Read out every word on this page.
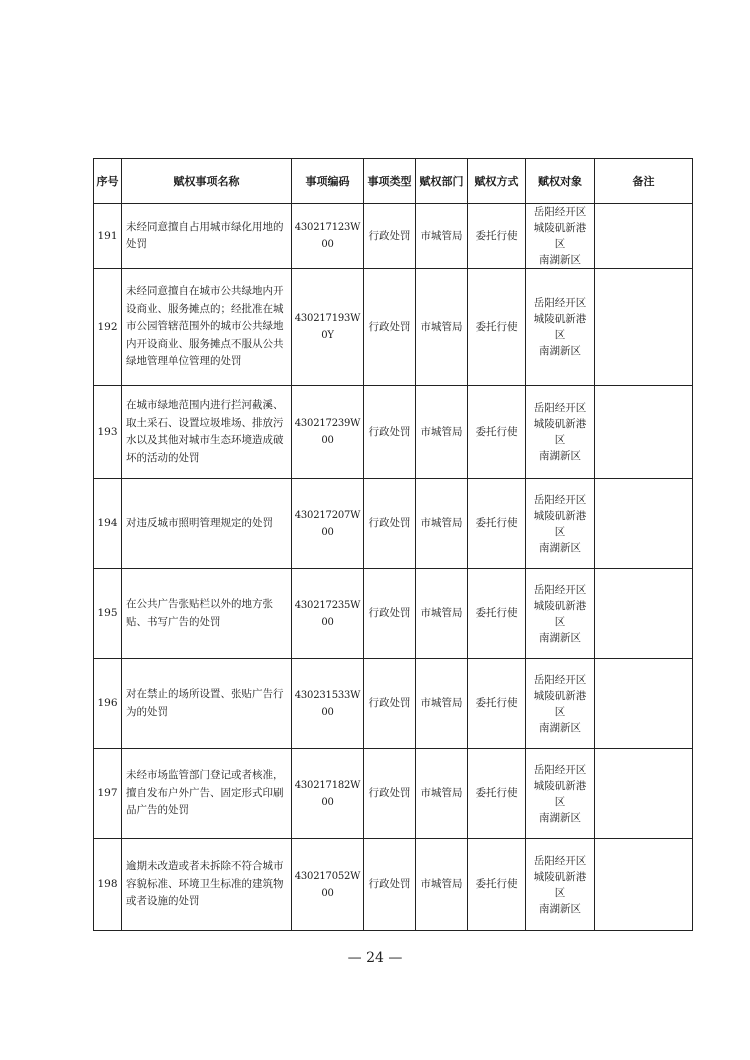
序号	赋权事项名称	事项编码	事项类型	赋权部门	赋权方式	赋权对象	备注
191	未经同意擅自占用城市绿化用地的处罚	430217123W00	行政处罚	市城管局	委托行使	岳阳经开区
城陵矶新港区
南湖新区	

192	未经同意擅自在城市公共绿地内开设商业、服务摊点的；经批准在城市公园管辖范围外的城市公共绿地内开设商业、服务摊点不服从公共绿地管理单位管理的处罚	430217193W0Y	行政处罚	市城管局	委托行使	岳阳经开区
城陵矶新港区
南湖新区	

193	在城市绿地范围内进行拦河截溪、取土采石、设置垃圾堆场、排放污水以及其他对城市生态环境造成破坏的活动的处罚	430217239W00	行政处罚	市城管局	委托行使	岳阳经开区
城陵矶新港区
南湖新区	

194	对违反城市照明管理规定的处罚	430217207W00	行政处罚	市城管局	委托行使	岳阳经开区
城陵矶新港区
南湖新区	

195	在公共广告张贴栏以外的地方张贴、书写广告的处罚	430217235W00	行政处罚	市城管局	委托行使	岳阳经开区
城陵矶新港区
南湖新区	

196	对在禁止的场所设置、张贴广告行为的处罚	430231533W00	行政处罚	市城管局	委托行使	岳阳经开区
城陵矶新港区
南湖新区	

197	未经市场监管部门登记或者核准，擅自发布户外广告、固定形式印刷品广告的处罚	430217182W00	行政处罚	市城管局	委托行使	岳阳经开区
城陵矶新港区
南湖新区	

198	逾期未改造或者未拆除不符合城市容貌标准、环境卫生标准的建筑物或者设施的处罚	430217052W00	行政处罚	市城管局	委托行使	岳阳经开区
城陵矶新港区
南湖新区	

— 24 —
